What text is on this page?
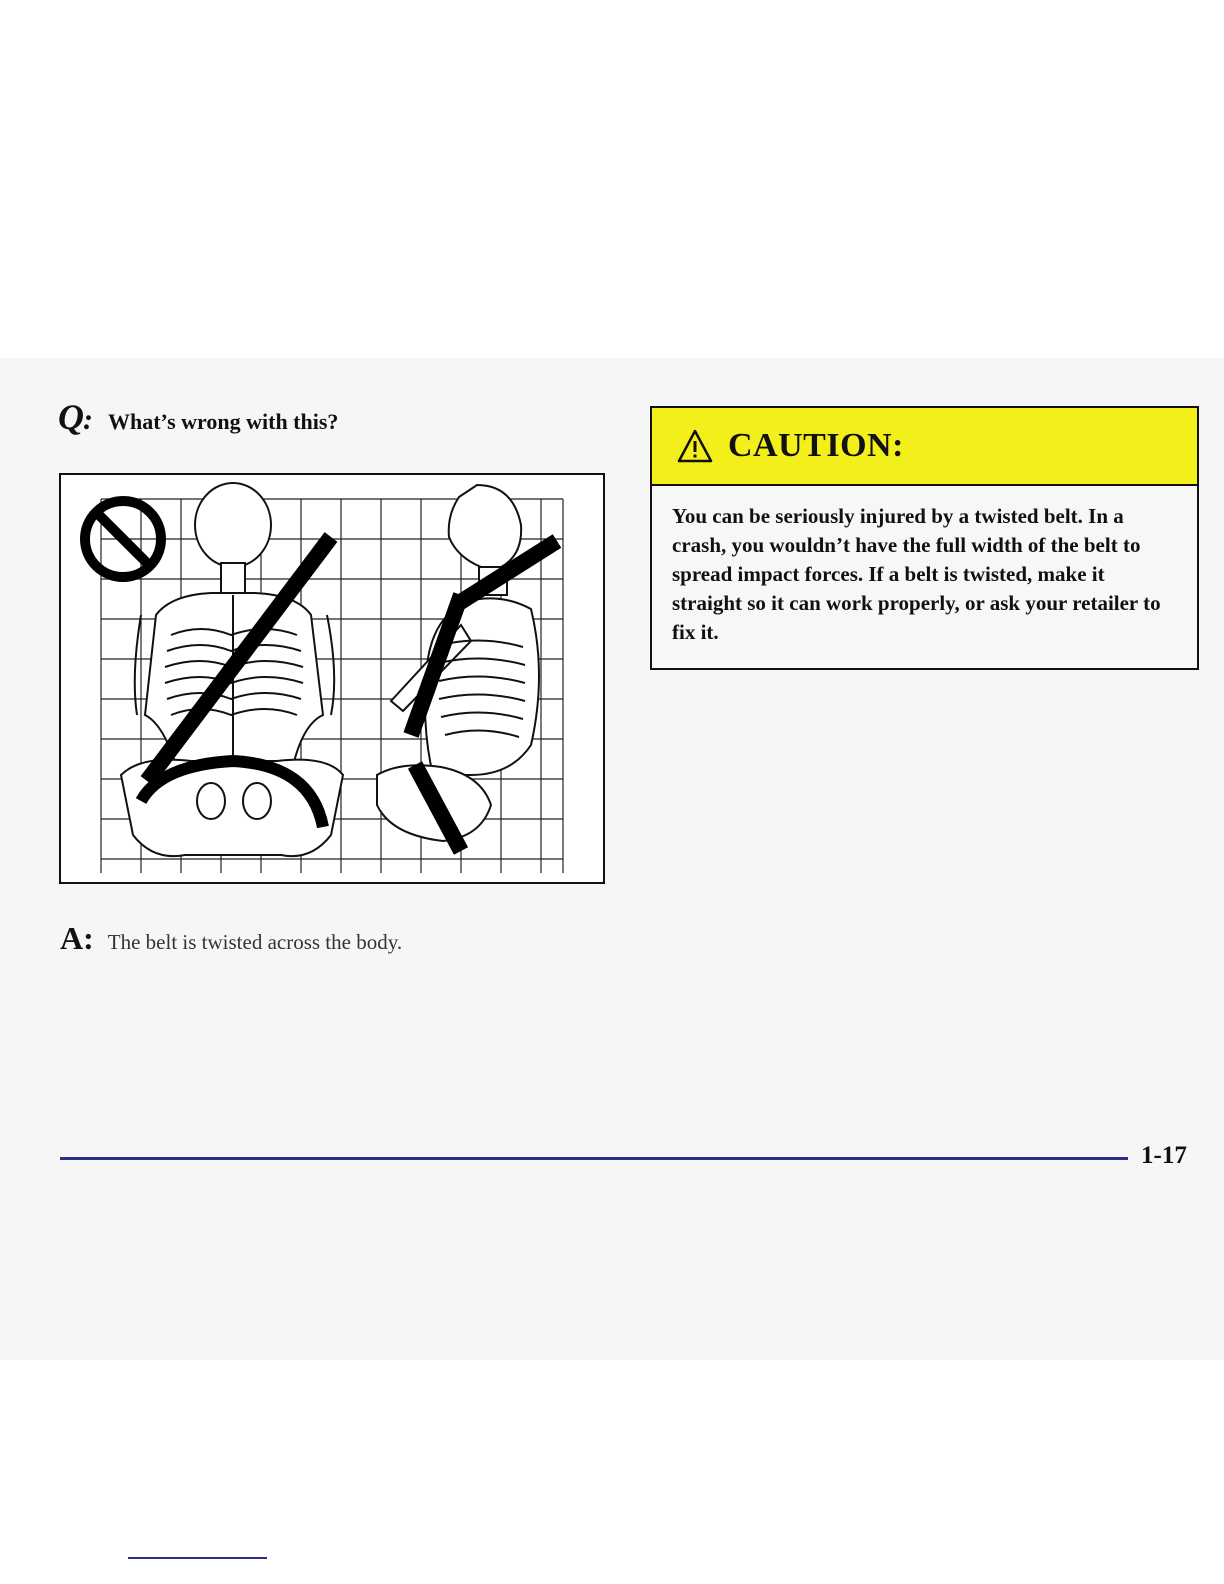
Q: What’s wrong with this?
A: The belt is twisted across the body.
CAUTION:
You can be seriously injured by a twisted belt. In a crash, you wouldn’t have the full width of the belt to spread impact forces. If a belt is twisted, make it straight so it can work properly, or ask your retailer to fix it.
1-17
